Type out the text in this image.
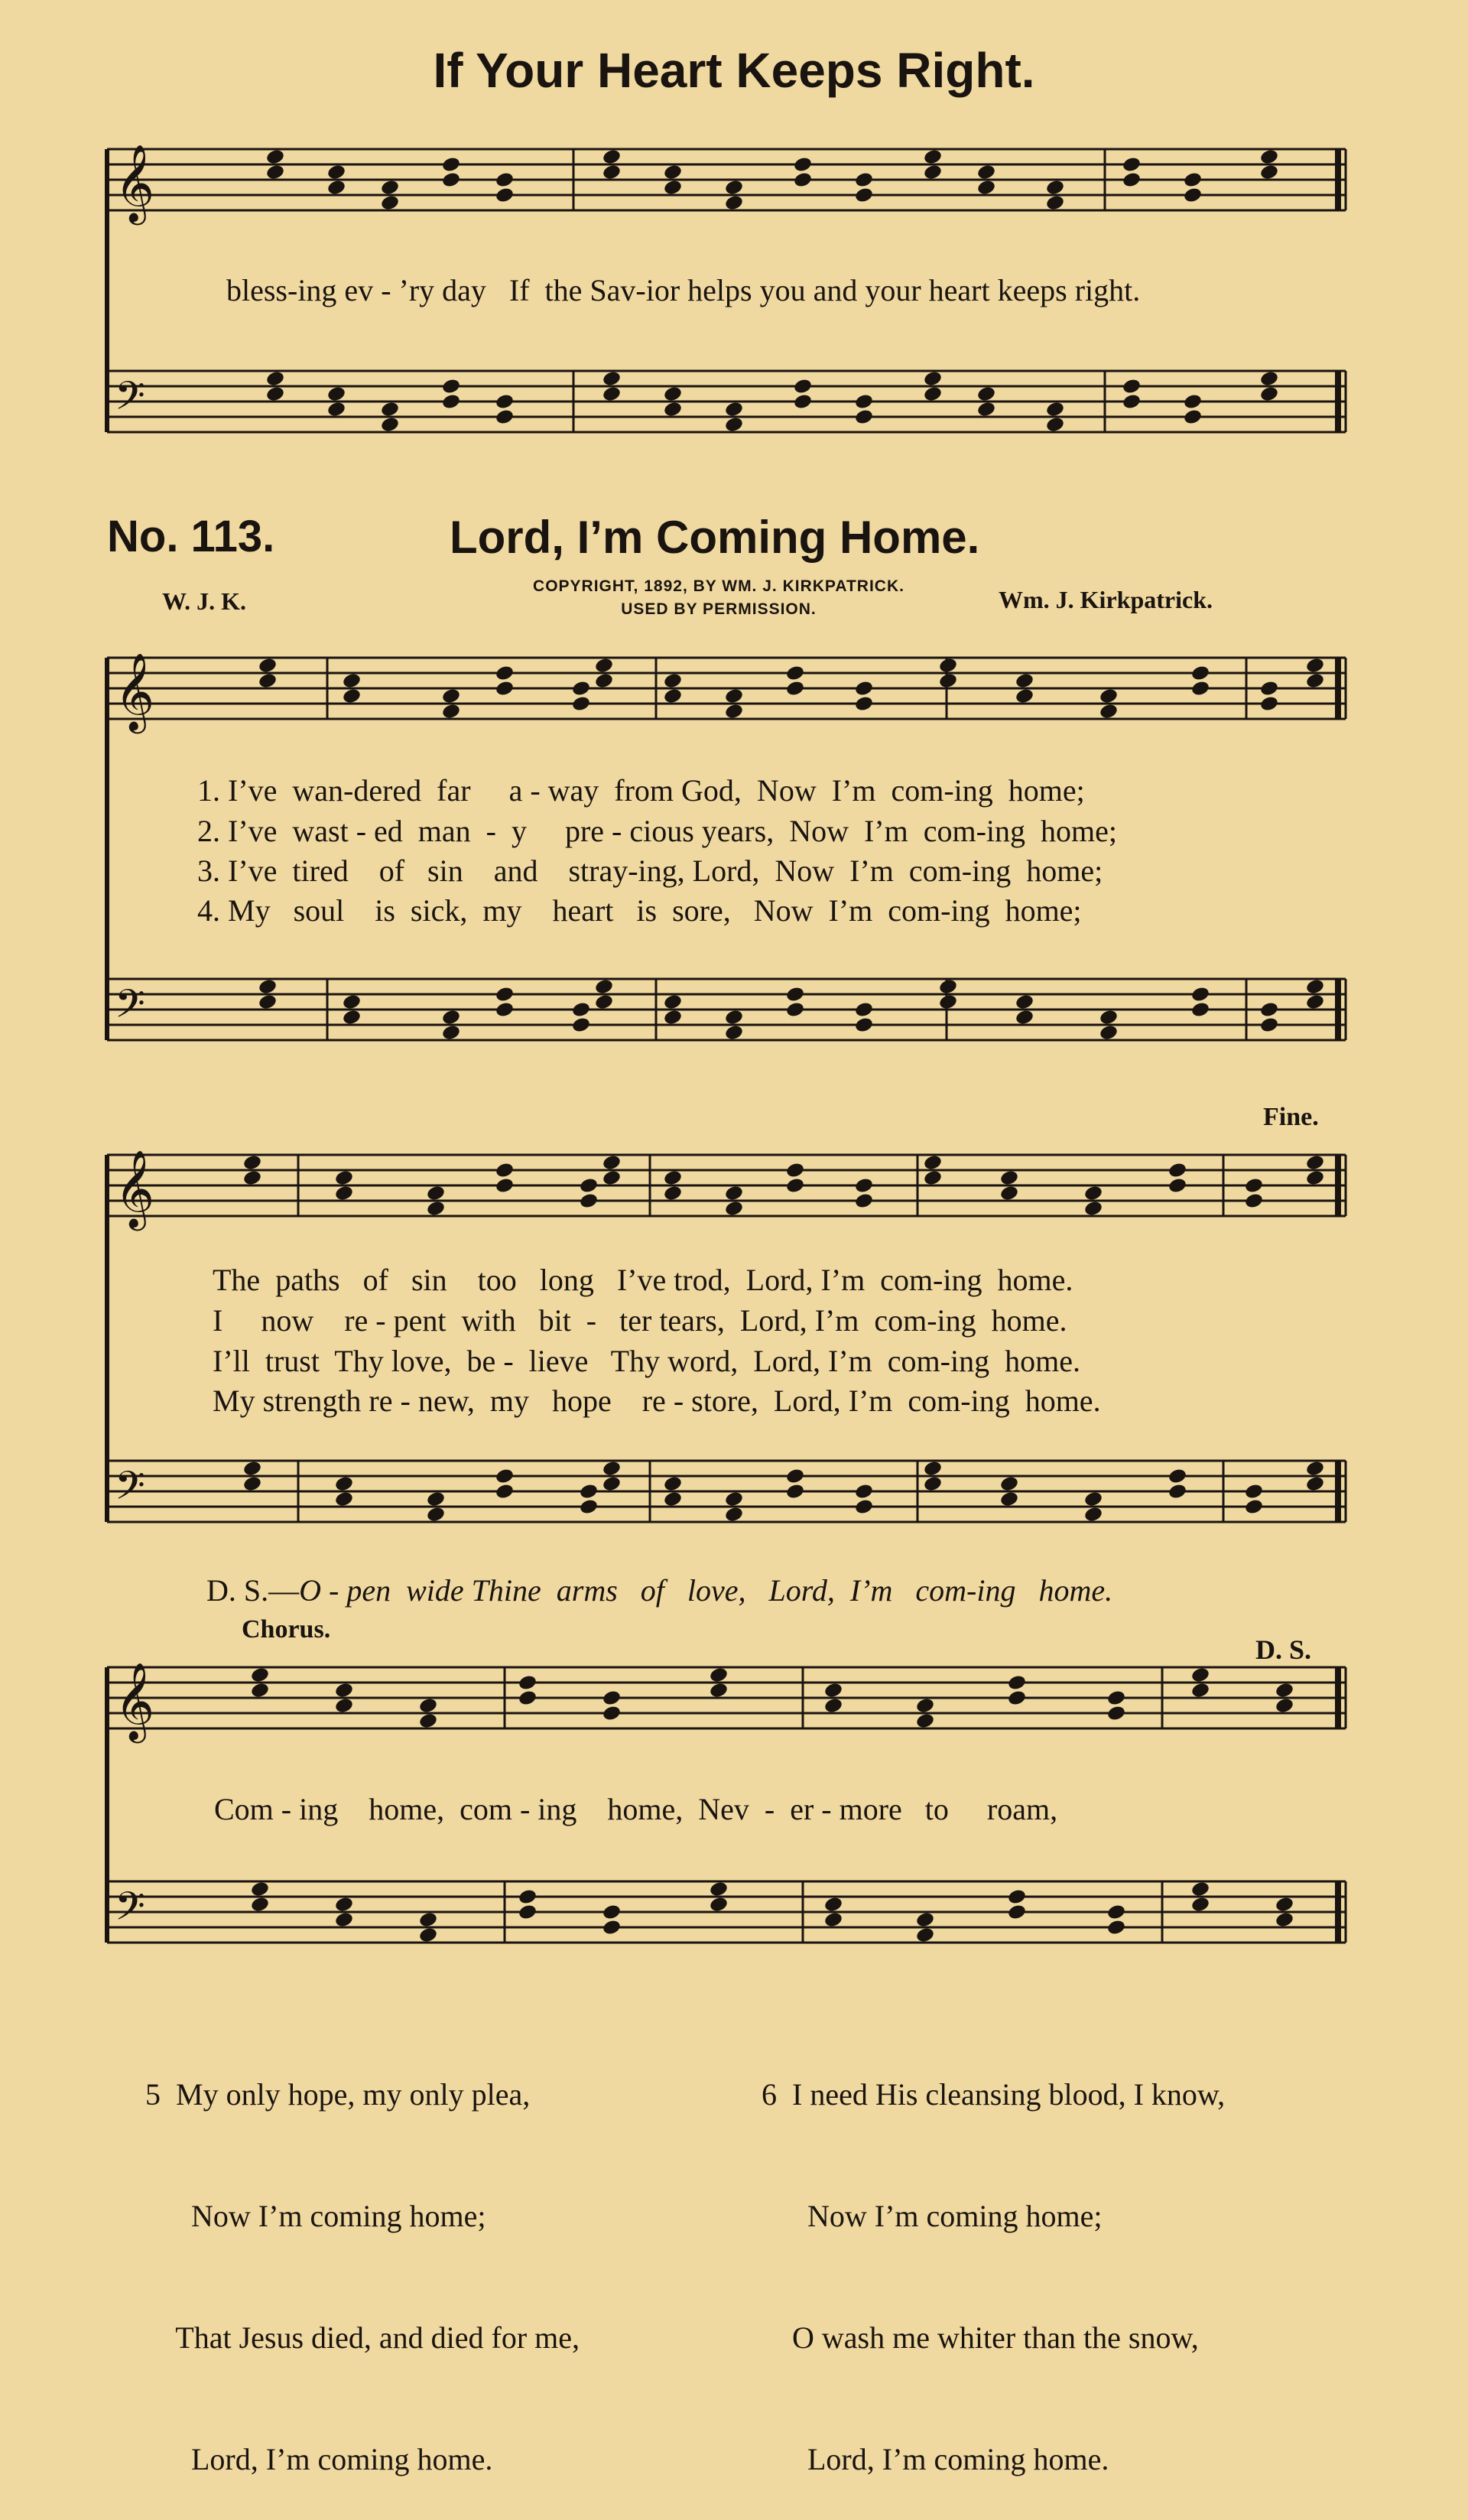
𝄞
𝄢
𝄞
𝄢
𝄞
𝄢
𝄞
𝄢
If Your Heart Keeps Right.
bless-ing ev - ’ry day   If  the Sav-ior helps you and your heart keeps right.
No. 113.	Lord, I’m Coming Home.
W. J. K.
COPYRIGHT, 1892, BY WM. J. KIRKPATRICK.
USED BY PERMISSION.	Wm. J. Kirkpatrick.
1. I’ve  wan-dered  far     a - way  from God,  Now  I’m  com-ing  home;
2. I’ve  wast - ed  man  -  y     pre - cious years,  Now  I’m  com-ing  home;
3. I’ve  tired    of   sin    and    stray-ing, Lord,  Now  I’m  com-ing  home;
4. My   soul    is  sick,  my    heart   is  sore,   Now  I’m  com-ing  home;
Fine.
The  paths   of   sin    too   long   I’ve trod,  Lord, I’m  com-ing  home.
I     now    re - pent  with   bit  -   ter tears,  Lord, I’m  com-ing  home.
I’ll  trust  Thy love,  be -  lieve   Thy word,  Lord, I’m  com-ing  home.
My strength re - new,  my   hope    re - store,  Lord, I’m  com-ing  home.
D. S.—O - pen  wide Thine  arms   of   love,   Lord,  I’m   com-ing   home.
Chorus.
D. S.
Com - ing    home,  com - ing    home,  Nev  -  er - more   to     roam,

5  My only hope, my only plea,

Now I’m coming home;

That Jesus died, and died for me,

Lord, I’m coming home.

6  I need His cleansing blood, I know,

Now I’m coming home;

O wash me whiter than the snow,

Lord, I’m coming home.
